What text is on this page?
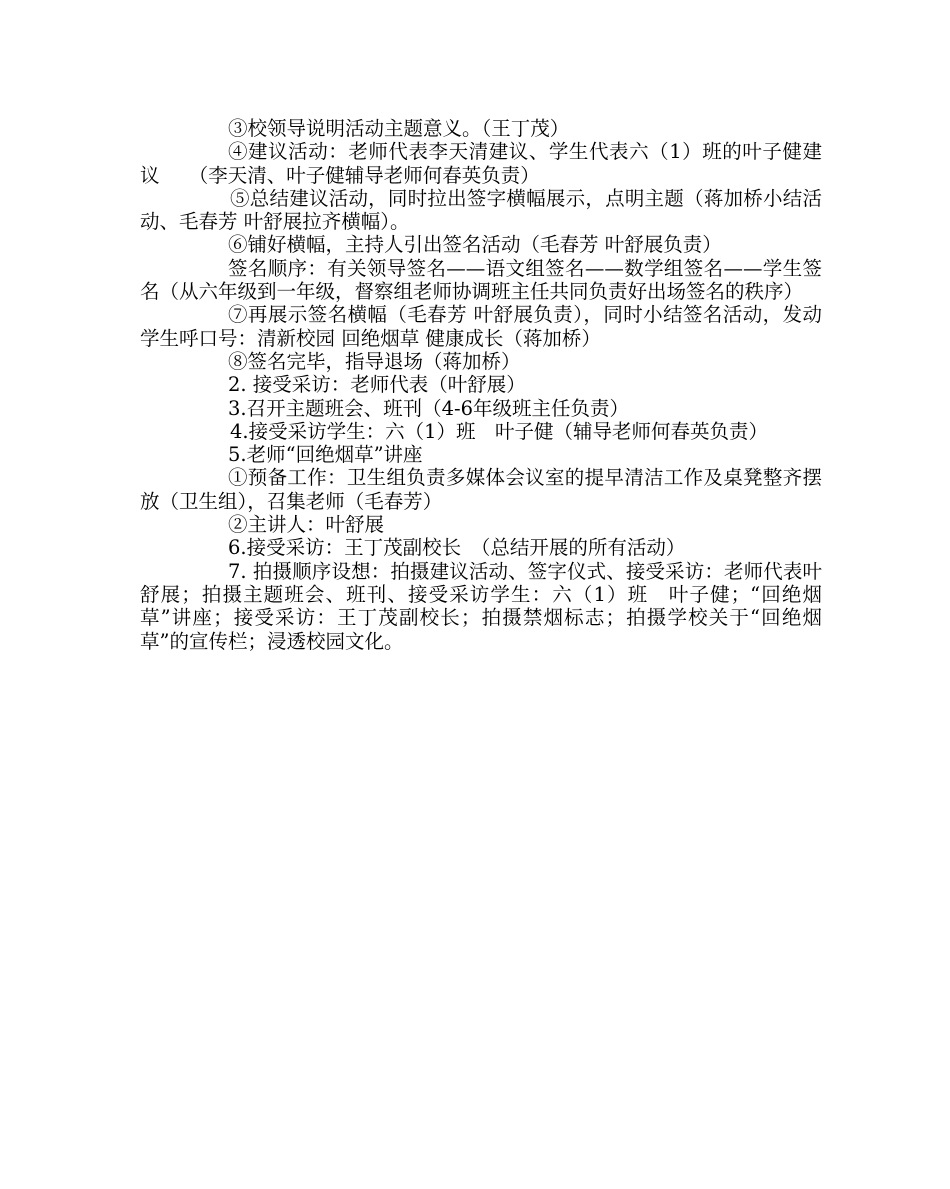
③校领导说明活动主题意义。（王丁茂）

④建议活动：老师代表李天清建议、学生代表六（1）班的叶子健建议　　（李天清、叶子健辅导老师何春英负责）

⑤总结建议活动，同时拉出签字横幅展示，点明主题（蒋加桥小结活动、毛春芳 叶舒展拉齐横幅）。

⑥铺好横幅，主持人引出签名活动（毛春芳 叶舒展负责）

签名顺序：有关领导签名——语文组签名——数学组签名——学生签名（从六年级到一年级，督察组老师协调班主任共同负责好出场签名的秩序）

⑦再展示签名横幅（毛春芳 叶舒展负责），同时小结签名活动，发动学生呼口号：清新校园 回绝烟草 健康成长（蒋加桥）

⑧签名完毕，指导退场（蒋加桥）

2. 接受采访：老师代表（叶舒展）

3.召开主题班会、班刊（4-6年级班主任负责）

4.接受采访学生：六（1）班　叶子健（辅导老师何春英负责）

5.老师“回绝烟草”讲座

①预备工作：卫生组负责多媒体会议室的提早清洁工作及桌凳整齐摆放（卫生组），召集老师（毛春芳）

②主讲人：叶舒展

6.接受采访：王丁茂副校长　（总结开展的所有活动）

7. 拍摄顺序设想：拍摄建议活动、签字仪式、接受采访：老师代表叶舒展；拍摄主题班会、班刊、接受采访学生：六（1）班　叶子健；“回绝烟草”讲座；接受采访：王丁茂副校长；拍摄禁烟标志；拍摄学校关于“回绝烟草”的宣传栏；浸透校园文化。
